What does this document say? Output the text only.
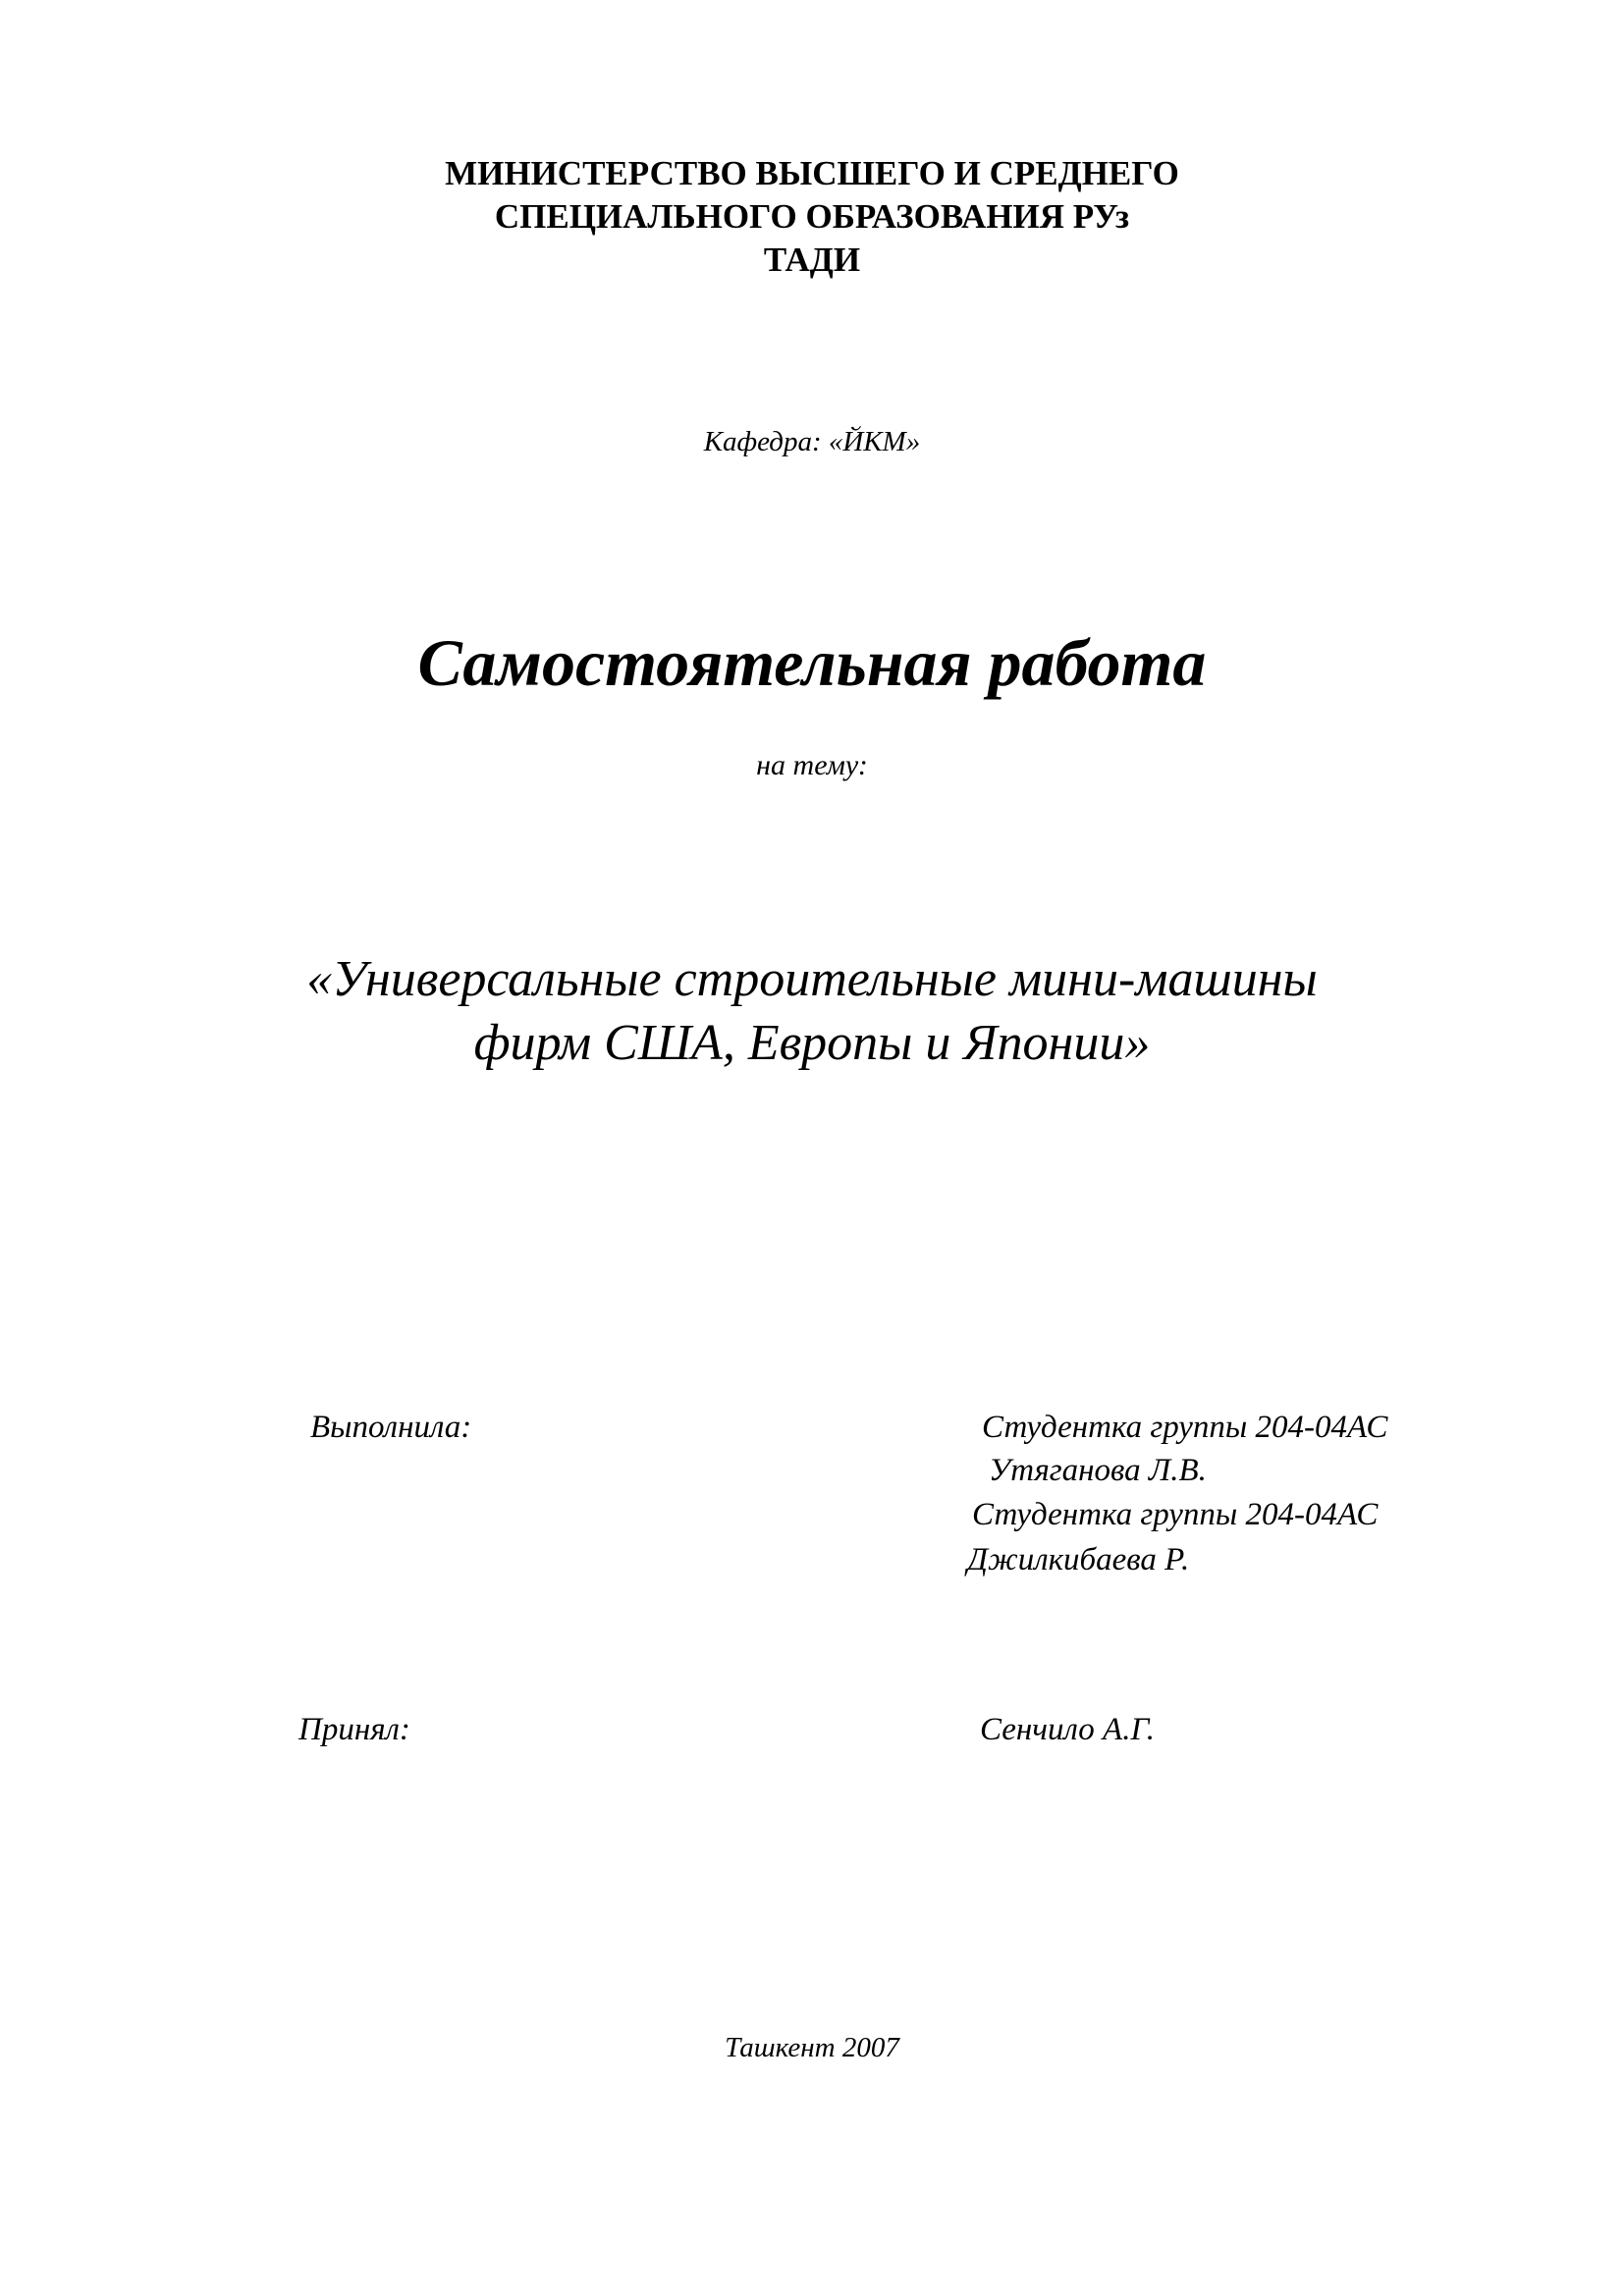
МИНИСТЕРСТВО ВЫСШЕГО И СРЕДНЕГО
СПЕЦИАЛЬНОГО ОБРАЗОВАНИЯ РУз
ТАДИ
Кафедра: «ЙКМ»
Самостоятельная работа
на тему:
«Универсальные строительные мини-машины
фирм США, Европы и Японии»
Выполнила:	Студентка группы 204-04АС
Утяганова Л.В.
Студентка группы 204-04АС
Джилкибаева Р.
Принял:	Сенчило А.Г.
Ташкент 2007
